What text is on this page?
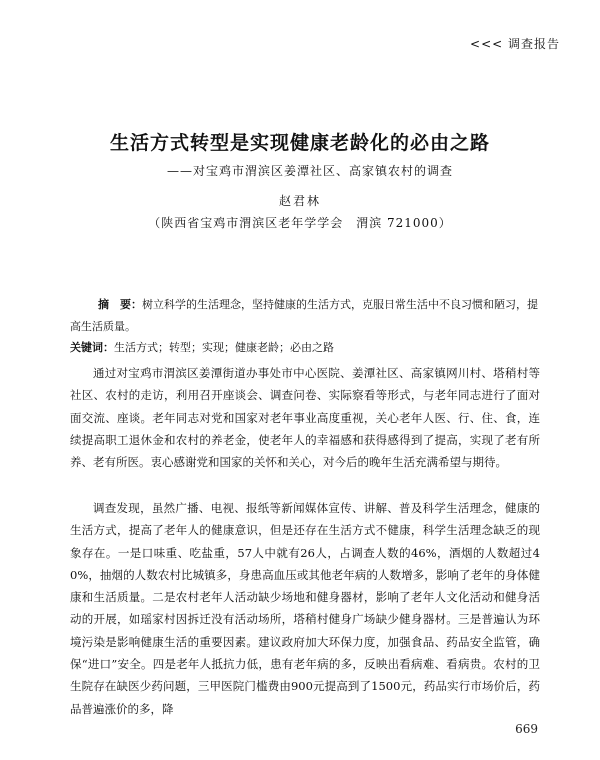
<<< 调查报告
生活方式转型是实现健康老龄化的必由之路
——对宝鸡市渭滨区姜潭社区、高家镇农村的调查
赵君林
（陕西省宝鸡市渭滨区老年学学会　渭滨 721000）

摘　要：树立科学的生活理念，坚持健康的生活方式，克服日常生活中不良习惯和陋习，提高生活质量。

关键词：生活方式；转型；实现；健康老龄；必由之路

通过对宝鸡市渭滨区姜潭街道办事处市中心医院、姜潭社区、高家镇网川村、塔稍村等社区、农村的走访，利用召开座谈会、调查问卷、实际察看等形式，与老年同志进行了面对面交流、座谈。老年同志对党和国家对老年事业高度重视，关心老年人医、行、住、食，连续提高职工退休金和农村的养老金，使老年人的幸福感和获得感得到了提高，实现了老有所养、老有所医。衷心感谢党和国家的关怀和关心，对今后的晚年生活充满希望与期待。

调查发现，虽然广播、电视、报纸等新闻媒体宣传、讲解、普及科学生活理念，健康的生活方式，提高了老年人的健康意识，但是还存在生活方式不健康，科学生活理念缺乏的现象存在。一是口味重、吃盐重，57人中就有26人，占调查人数的46%，酒烟的人数超过40%，抽烟的人数农村比城镇多，身患高血压或其他老年病的人数增多，影响了老年的身体健康和生活质量。二是农村老年人活动缺少场地和健身器材，影响了老年人文化活动和健身活动的开展，如瑶家村因拆迁没有活动场所，塔稍村健身广场缺少健身器材。三是普遍认为环境污染是影响健康生活的重要因素。建议政府加大环保力度，加强食品、药品安全监管，确保“进口”安全。四是老年人抵抗力低，患有老年病的多，反映出看病难、看病贵。农村的卫生院存在缺医少药问题，三甲医院门槛费由900元提高到了1500元，药品实行市场价后，药品普遍涨价的多，降

669
